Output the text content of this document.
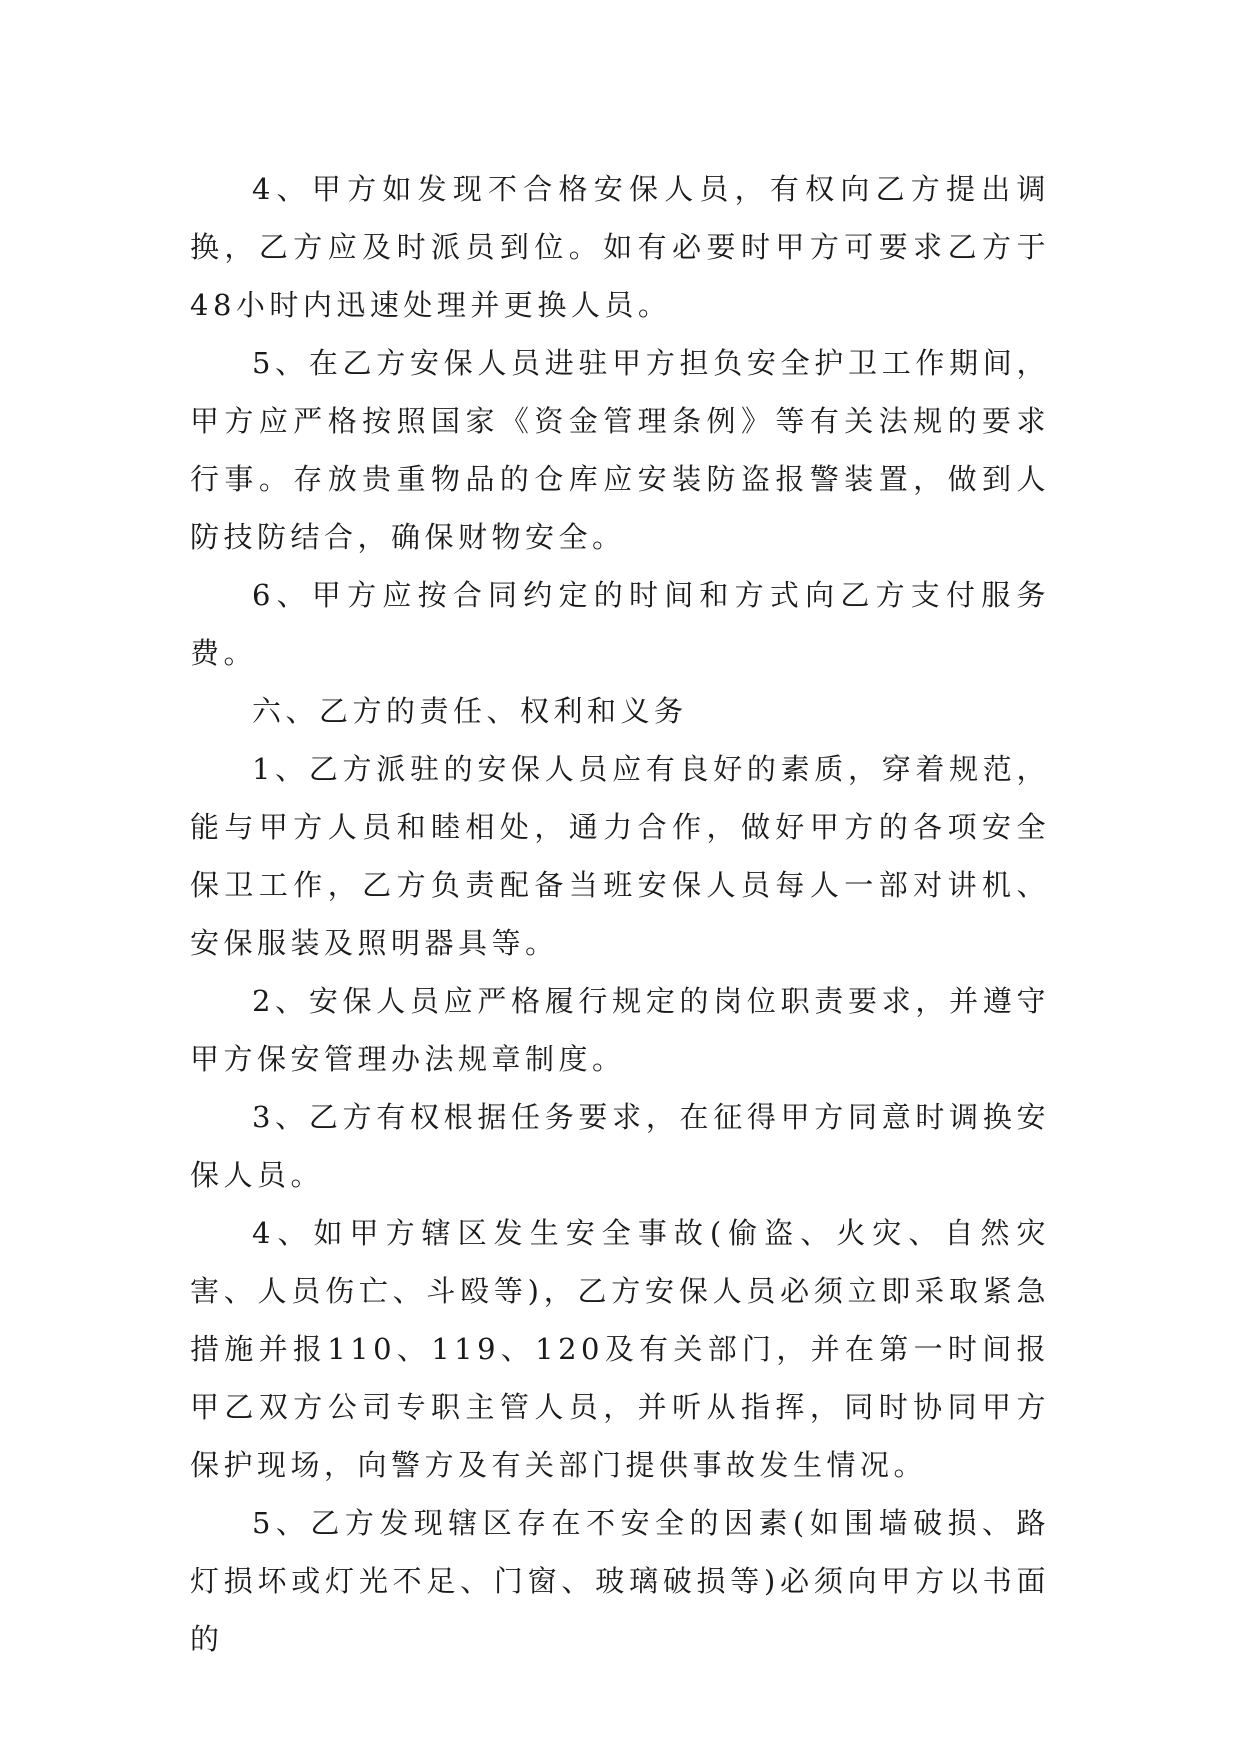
4、甲方如发现不合格安保人员，有权向乙方提出调换，乙方应及时派员到位。如有必要时甲方可要求乙方于48小时内迅速处理并更换人员。

5、在乙方安保人员进驻甲方担负安全护卫工作期间，甲方应严格按照国家《资金管理条例》等有关法规的要求行事。存放贵重物品的仓库应安装防盗报警装置，做到人防技防结合，确保财物安全。

6、甲方应按合同约定的时间和方式向乙方支付服务费。

六、乙方的责任、权利和义务

1、乙方派驻的安保人员应有良好的素质，穿着规范，能与甲方人员和睦相处，通力合作，做好甲方的各项安全保卫工作，乙方负责配备当班安保人员每人一部对讲机、安保服装及照明器具等。

2、安保人员应严格履行规定的岗位职责要求，并遵守甲方保安管理办法规章制度。

3、乙方有权根据任务要求，在征得甲方同意时调换安保人员。

4、如甲方辖区发生安全事故(偷盗、火灾、自然灾害、人员伤亡、斗殴等)，乙方安保人员必须立即采取紧急措施并报110、119、120及有关部门，并在第一时间报甲乙双方公司专职主管人员，并听从指挥，同时协同甲方保护现场，向警方及有关部门提供事故发生情况。

5、乙方发现辖区存在不安全的因素(如围墙破损、路灯损坏或灯光不足、门窗、玻璃破损等)必须向甲方以书面的
